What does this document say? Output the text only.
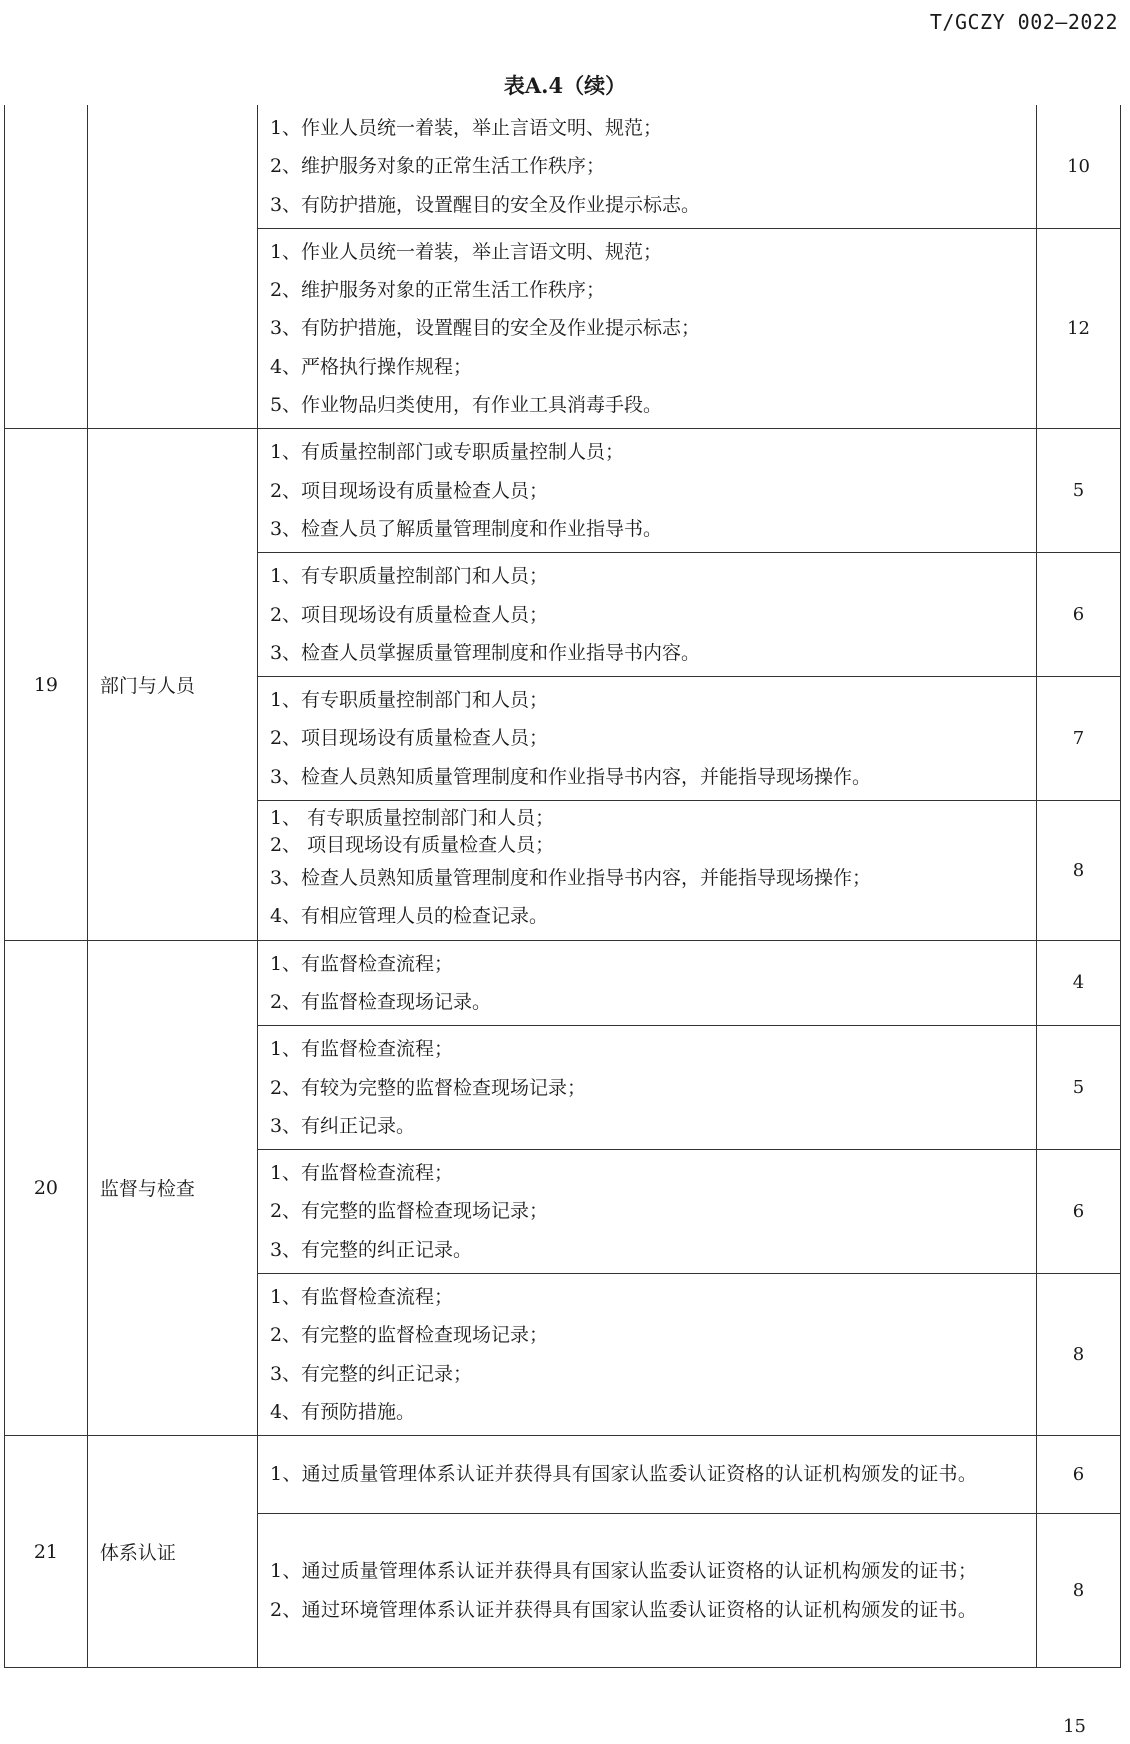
T/GCZY 002—2022
表A.4（续）

		1、作业人员统一着装，举止言语文明、规范；
2、维护服务对象的正常生活工作秩序；
3、有防护措施，设置醒目的安全及作业提示标志。	10

		1、作业人员统一着装，举止言语文明、规范；
2、维护服务对象的正常生活工作秩序；
3、有防护措施，设置醒目的安全及作业提示标志；
4、严格执行操作规程；
5、作业物品归类使用，有作业工具消毒手段。	12
19	部门与人员	1、有质量控制部门或专职质量控制人员；
2、项目现场设有质量检查人员；
3、检查人员了解质量管理制度和作业指导书。	5

		1、有专职质量控制部门和人员；
2、项目现场设有质量检查人员；
3、检查人员掌握质量管理制度和作业指导书内容。	6

		1、有专职质量控制部门和人员；
2、项目现场设有质量检查人员；
3、检查人员熟知质量管理制度和作业指导书内容，并能指导现场操作。	7

		1、 有专职质量控制部门和人员；
2、 项目现场设有质量检查人员；
3、检查人员熟知质量管理制度和作业指导书内容，并能指导现场操作；
4、有相应管理人员的检查记录。	8
20	监督与检查	1、有监督检查流程；
2、有监督检查现场记录。	4

		1、有监督检查流程；
2、有较为完整的监督检查现场记录；
3、有纠正记录。	5

		1、有监督检查流程；
2、有完整的监督检查现场记录；
3、有完整的纠正记录。	6

		1、有监督检查流程；
2、有完整的监督检查现场记录；
3、有完整的纠正记录；
4、有预防措施。	8
21	体系认证	1、通过质量管理体系认证并获得具有国家认监委认证资格的认证机构颁发的证书。	6

		1、通过质量管理体系认证并获得具有国家认监委认证资格的认证机构颁发的证书；
2、通过环境管理体系认证并获得具有国家认监委认证资格的认证机构颁发的证书。	8
15
